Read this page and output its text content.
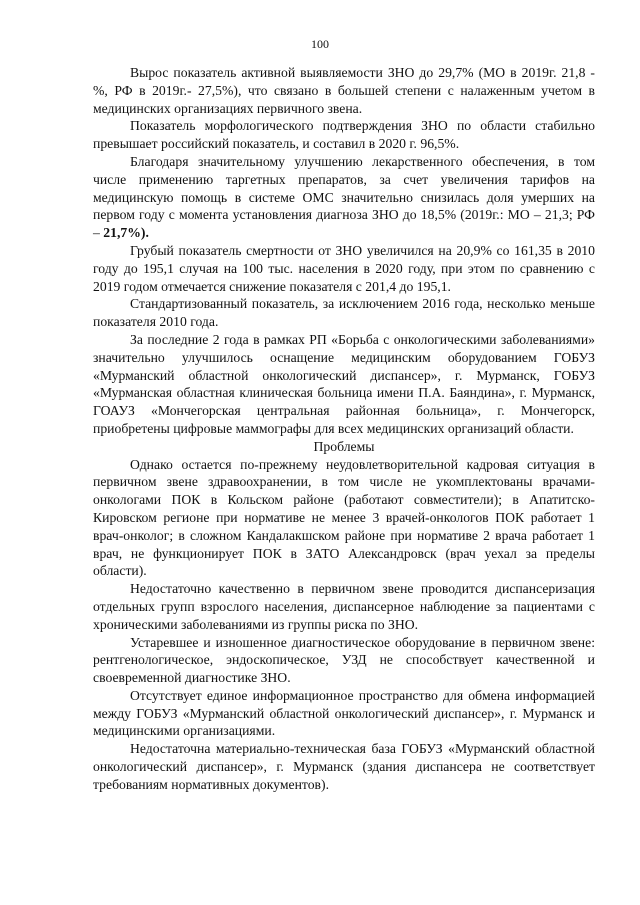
100

Вырос показатель активной выявляемости ЗНО до 29,7% (МО в 2019г. 21,8 - %, РФ в 2019г.- 27,5%), что связано в большей степени с налаженным учетом в медицинских организациях первичного звена.

Показатель морфологического подтверждения ЗНО по области стабильно превышает российский показатель, и составил в 2020 г. 96,5%.

Благодаря значительному улучшению лекарственного обеспечения, в том числе применению таргетных препаратов, за счет увеличения тарифов на медицинскую помощь в системе ОМС значительно снизилась доля умерших на первом году с момента установления диагноза ЗНО до 18,5% (2019г.: МО – 21,3; РФ – 21,7%).

Грубый показатель смертности от ЗНО увеличился на 20,9% со 161,35 в 2010 году до 195,1 случая на 100 тыс. населения в 2020 году, при этом по сравнению с 2019 годом отмечается снижение показателя с 201,4 до 195,1.

Стандартизованный показатель, за исключением 2016 года, несколько меньше показателя 2010 года.

За последние 2 года в рамках РП «Борьба с онкологическими заболеваниями» значительно улучшилось оснащение медицинским оборудованием ГОБУЗ «Мурманский областной онкологический диспансер», г. Мурманск, ГОБУЗ «Мурманская областная клиническая больница имени П.А. Баяндина», г. Мурманск, ГОАУЗ «Мончегорская центральная районная больница», г. Мончегорск, приобретены цифровые маммографы для всех медицинских организаций области.

Проблемы

Однако остается по-прежнему неудовлетворительной кадровая ситуация в первичном звене здравоохранении, в том числе не укомплектованы врачами-онкологами ПОК в Кольском районе (работают совместители); в Апатитско-Кировском регионе при нормативе не менее 3 врачей-онкологов ПОК работает 1 врач-онколог; в сложном Кандалакшском районе при нормативе 2 врача работает 1 врач, не функционирует ПОК в ЗАТО Александровск (врач уехал за пределы области).

Недостаточно качественно в первичном звене проводится диспансеризация отдельных групп взрослого населения, диспансерное наблюдение за пациентами с хроническими заболеваниями из группы риска по ЗНО.

Устаревшее и изношенное диагностическое оборудование в первичном звене: рентгенологическое, эндоскопическое, УЗД не способствует качественной и своевременной диагностике ЗНО.

Отсутствует единое информационное пространство для обмена информацией между ГОБУЗ «Мурманский областной онкологический диспансер», г. Мурманск и медицинскими организациями.

Недостаточна материально-техническая база ГОБУЗ «Мурманский областной онкологический диспансер», г. Мурманск (здания диспансера не соответствует требованиям нормативных документов).
